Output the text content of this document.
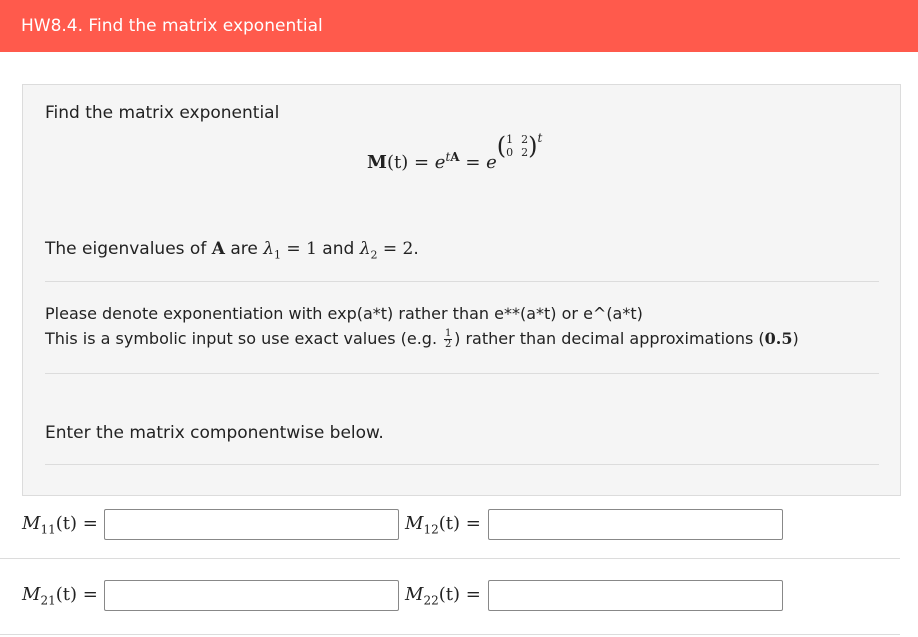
HW8.4. Find the matrix exponential
Find the matrix exponential
$M(t) = e^{tA} = e$
( 1 2
0 2 ) t
The eigenvalues of A are $\lambda_1 = 1$ and $\lambda_2 = 2$.
Please denote exponentiation with exp(a*t) rather than e**(a*t) or e^(a*t)
This is a symbolic input so use exact values (e.g. $\frac{1}{2}$ ) rather than decimal approximations (0.5)
Enter the matrix componentwise below.
$M_{11}(t)$ =	$M_{12}(t)$ =
$M_{21}(t)$ =	$M_{22}(t)$ =
